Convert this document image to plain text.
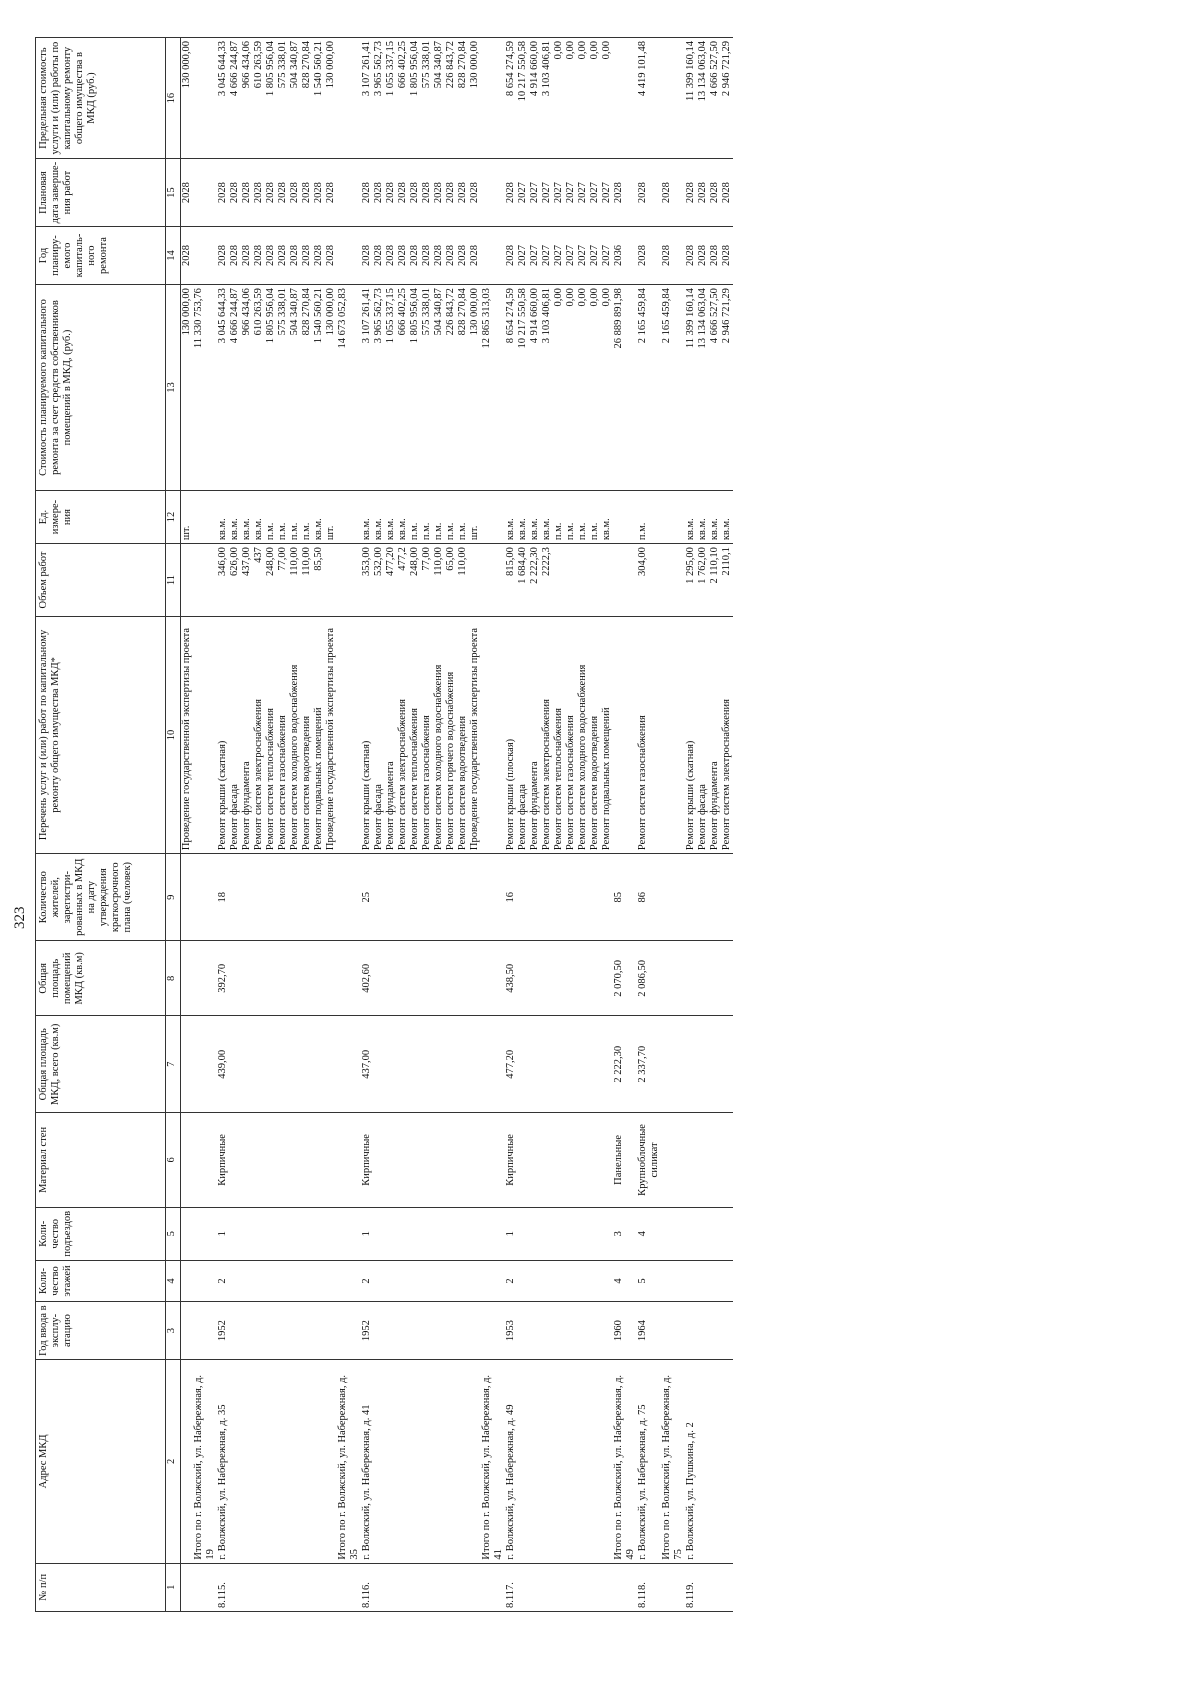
323
№ п/п	Адрес МКД	Год ввода в эксплу-атацию	Коли-чество этажей	Коли-чество подъездов	Материал стен	Общая площадь МКД, всего (кв.м)	Общая площадь помещений МКД (кв.м)	Количество жителей, зарегистри-рованных в МКД на дату утверждения краткосрочного плана (человек)	Перечень услуг и (или) работ по капитальному ремонту общего имущества МКД*	Объем работ	Ед. измере-ния	Стоимость планируемого капитального ремонта за счет средств собственников помещений в МКД, (руб.)	Год планиру-емого капиталь-ного ремонта	Плановая дата заверше-ния работ	Предельная стоимость услуги и (или) работы по капитальному ремонту общего имущества в МКД (руб.)
1	2	3	4	5	6	7	8	9	10	11	12	13	14	15	16
									Проведение государственной экспертизы проекта		шт.	130 000,00	2028	2028	130 000,00
	Итого по г. Волжский, ул. Набережная, д. 19											11 330 753,76			
8.115.	г. Волжский, ул. Набережная, д. 35	1952	2	1	Кирпичные	439,00	392,70	18	Ремонт крыши (скатная)	346,00	кв.м.	3 045 644,33	2028	2028	3 045 644,33
									Ремонт фасада	626,00	кв.м.	4 666 244,87	2028	2028	4 666 244,87
									Ремонт фундамента	437,00	кв.м.	966 434,06	2028	2028	966 434,06
									Ремонт систем электроснабжения	437	кв.м.	610 263,59	2028	2028	610 263,59
									Ремонт систем теплоснабжения	248,00	п.м.	1 805 956,04	2028	2028	1 805 956,04
									Ремонт систем газоснабжения	77,00	п.м.	575 338,01	2028	2028	575 338,01
									Ремонт систем холодного водоснабжения	110,00	п.м.	504 340,87	2028	2028	504 340,87
									Ремонт систем водоотведения	110,00	п.м.	828 270,84	2028	2028	828 270,84
									Ремонт подвальных помещений	85,50	кв.м.	1 540 560,21	2028	2028	1 540 560,21
									Проведение государственной экспертизы проекта		шт.	130 000,00	2028	2028	130 000,00
	Итого по г. Волжский, ул. Набережная, д. 35											14 673 052,83			
8.116.	г. Волжский, ул. Набережная, д. 41	1952	2	1	Кирпичные	437,00	402,60	25	Ремонт крыши (скатная)	353,00	кв.м.	3 107 261,41	2028	2028	3 107 261,41
									Ремонт фасада	532,00	кв.м.	3 965 562,73	2028	2028	3 965 562,73
									Ремонт фундамента	477,20	кв.м.	1 055 337,15	2028	2028	1 055 337,15
									Ремонт систем электроснабжения	477,2	кв.м.	666 402,25	2028	2028	666 402,25
									Ремонт систем теплоснабжения	248,00	п.м.	1 805 956,04	2028	2028	1 805 956,04
									Ремонт систем газоснабжения	77,00	п.м.	575 338,01	2028	2028	575 338,01
									Ремонт систем холодного водоснабжения	110,00	п.м.	504 340,87	2028	2028	504 340,87
									Ремонт систем горячего водоснабжения	65,00	п.м.	226 843,72	2028	2028	226 843,72
									Ремонт систем водоотведения	110,00	п.м.	828 270,84	2028	2028	828 270,84
									Проведение государственной экспертизы проекта		шт.	130 000,00	2028	2028	130 000,00
	Итого по г. Волжский, ул. Набережная, д. 41											12 865 313,03			
8.117.	г. Волжский, ул. Набережная, д. 49	1953	2	1	Кирпичные	477,20	438,50	16	Ремонт крыши (плоская)	815,00	кв.м.	8 654 274,59	2028	2028	8 654 274,59
									Ремонт фасада	1 684,40	кв.м.	10 217 550,58	2027	2027	10 217 550,58
									Ремонт фундамента	2 222,30	кв.м.	4 914 660,00	2027	2027	4 914 660,00
									Ремонт систем электроснабжения	2222,3	кв.м.	3 103 406,81	2027	2027	3 103 406,81
									Ремонт систем теплоснабжения		п.м.	0,00	2027	2027	0,00
									Ремонт систем газоснабжения		п.м.	0,00	2027	2027	0,00
									Ремонт систем холодного водоснабжения		п.м.	0,00	2027	2027	0,00
									Ремонт систем водоотведения		п.м.	0,00	2027	2027	0,00
									Ремонт подвальных помещений		кв.м.	0,00	2027	2027	0,00
	Итого по г. Волжский, ул. Набережная, д. 49	1960	4	3	Панельные	2 222,30	2 070,50	85				26 889 891,98	2036	2028	
8.118.	г. Волжский, ул. Набережная, д. 75	1964	5	4	Крупноблочные силикат	2 337,70	2 086,50	86	Ремонт систем газоснабжения	304,00	п.м.	2 165 459,84	2028	2028	4 419 101,48
	Итого по г. Волжский, ул. Набережная, д. 75											2 165 459,84	2028	2028	
8.119.	г. Волжский, ул. Пушкина, д. 2								Ремонт крыши (скатная)	1 295,00	кв.м.	11 399 160,14	2028	2028	11 399 160,14
									Ремонт фасада	1 762,00	кв.м.	13 134 063,04	2028	2028	13 134 063,04
									Ремонт фундамента	2 110,10	кв.м.	4 666 527,50	2028	2028	4 666 527,50
									Ремонт систем электроснабжения	2110,1	кв.м.	2 946 721,29	2028	2028	2 946 721,29
